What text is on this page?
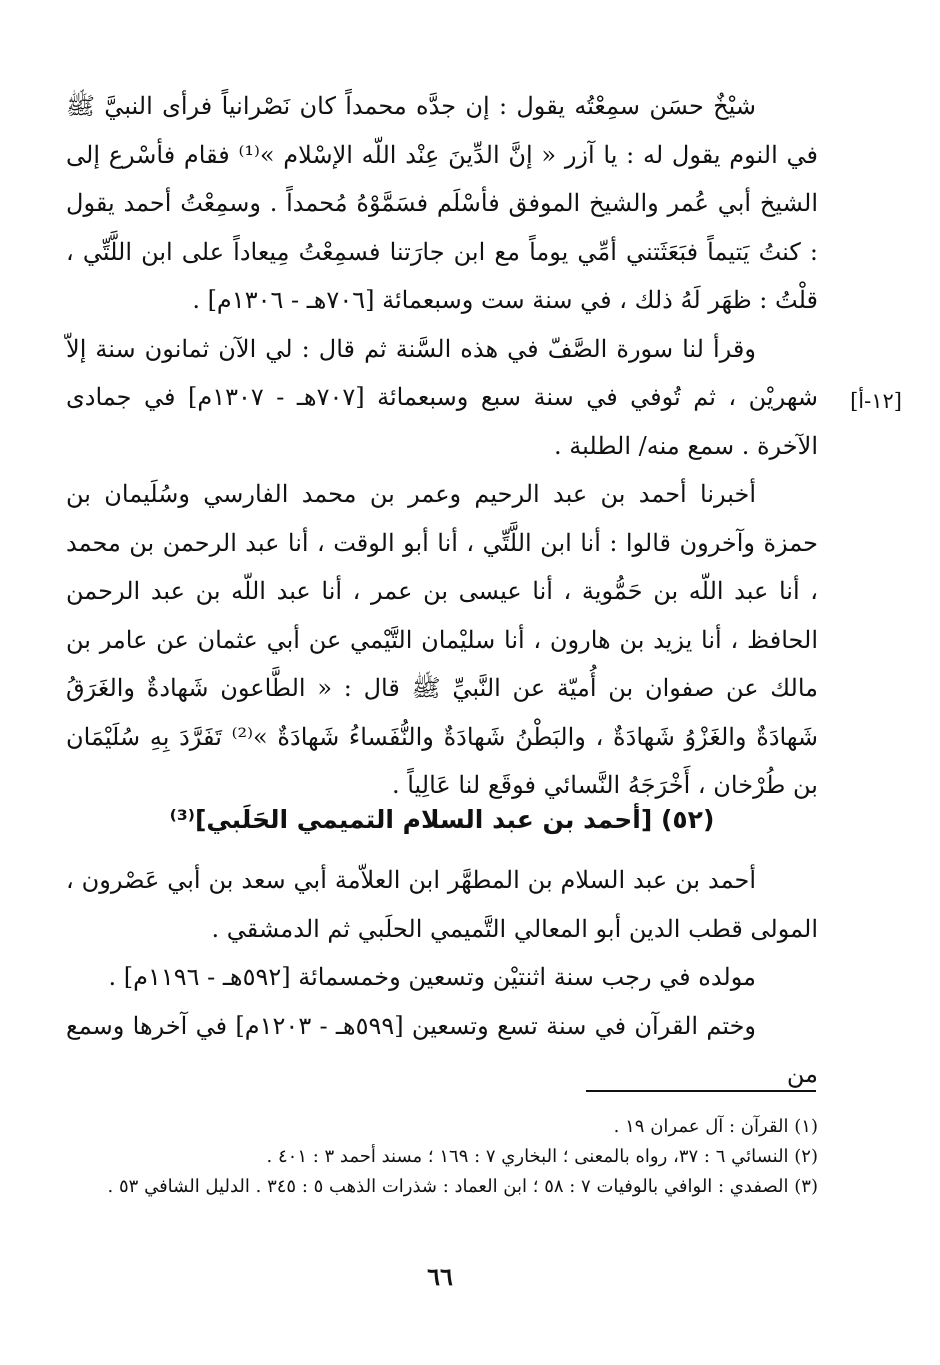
شيْخٌ حسَن سمِعْتُه يقول : إن جدَّه محمداً كان نَصْرانياً فرأى النبيَّ ﷺ في النوم يقول له : يا آزر « إنَّ الدِّينَ عِنْد اللّه الإسْلام »⁽¹⁾ فقام فأسْرع إلى الشيخ أبي عُمر والشيخ الموفق فأسْلَم فسَمَّوْهُ مُحمداً . وسمِعْتُ أحمد يقول : كنتُ يَتيماً فبَعَثَتني أمِّي يوماً مع ابن جارَتنا فسمِعْتُ مِيعاداً على ابن اللَّتِّي ، قلْتُ : ظهَر لَهُ ذلك ، في سنة ست وسبعمائة [٧٠٦هـ - ١٣٠٦م] .

وقرأ لنا سورة الصَّفّ في هذه السَّنة ثم قال : لي الآن ثمانون سنة إلاّ شهريْن ، ثم تُوفي في سنة سبع وسبعمائة [٧٠٧هـ - ١٣٠٧م] في جمادى الآخرة . سمع منه/ الطلبة .

أخبرنا أحمد بن عبد الرحيم وعمر بن محمد الفارسي وسُلَيمان بن حمزة وآخرون قالوا : أنا ابن اللَّتِّي ، أنا أبو الوقت ، أنا عبد الرحمن بن محمد ، أنا عبد اللّه بن حَمُّوية ، أنا عيسى بن عمر ، أنا عبد اللّه بن عبد الرحمن الحافظ ، أنا يزيد بن هارون ، أنا سليْمان التَّيْمي عن أبي عثمان عن عامر بن مالك عن صفوان بن أُميّة عن النَّبيِّ ﷺ قال : « الطَّاعون شَهادةٌ والغَرَقُ شَهادَةٌ والغَزْوُ شَهادَةٌ ، والبَطْنُ شَهادَةٌ والنُّفَساءُ شَهادَةٌ »⁽²⁾ تَفَرَّدَ بِهِ سُلَيْمَان بن طُرْخان ، أَخْرَجَهُ النَّسائي فوقَع لنا عَالِياً .

[١٢-أ]
(٥٢) [أحمد بن عبد السلام التميمي الحَلَبي]⁽³⁾

أحمد بن عبد السلام بن المطهَّر ابن العلاّمة أبي سعد بن أبي عَصْرون ، المولى قطب الدين أبو المعالي التَّميمي الحلَبي ثم الدمشقي .

مولده في رجب سنة اثنتيْن وتسعين وخمسمائة [٥٩٢هـ - ١١٩٦م] .

وختم القرآن في سنة تسع وتسعين [٥٩٩هـ - ١٢٠٣م] في آخرها وسمع من

(١) القرآن : آل عمران ١٩ .

(٢) النسائي ٦ : ٣٧، رواه بالمعنى ؛ البخاري ٧ : ١٦٩ ؛ مسند أحمد ٣ : ٤٠١ .

(٣) الصفدي : الوافي بالوفيات ٧ : ٥٨ ؛ ابن العماد : شذرات الذهب ٥ : ٣٤٥ . الدليل الشافي ٥٣ .

٦٦
